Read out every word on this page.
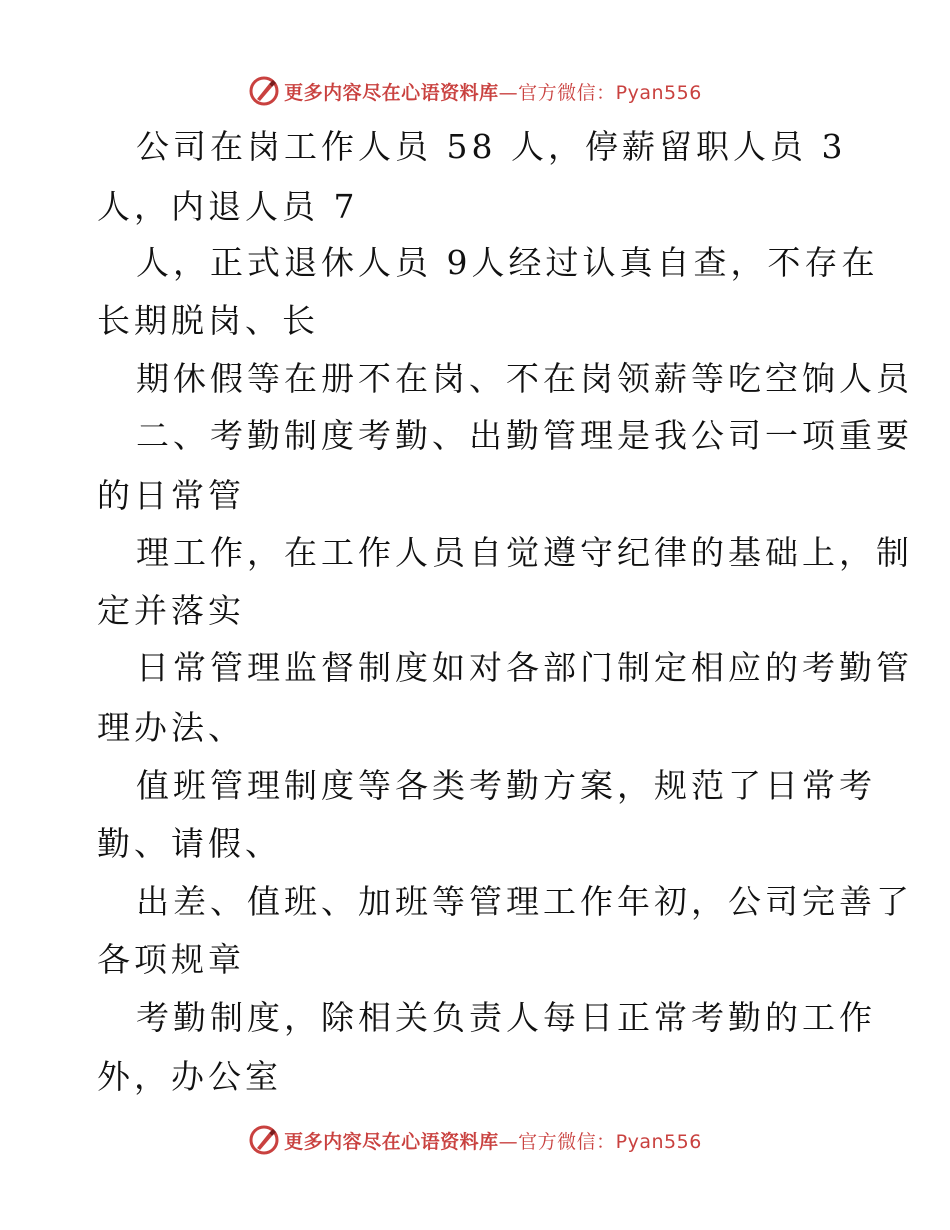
更多内容尽在心语资料库—官方微信：Pyan556
公司在岗工作人员 58 人，停薪留职人员 3
人，内退人员 7
人，正式退休人员 9人经过认真自查，不存在
长期脱岗、长
期休假等在册不在岗、不在岗领薪等吃空饷人员
二、考勤制度考勤、出勤管理是我公司一项重要
的日常管
理工作，在工作人员自觉遵守纪律的基础上，制
定并落实
日常管理监督制度如对各部门制定相应的考勤管
理办法、
值班管理制度等各类考勤方案，规范了日常考
勤、请假、
出差、值班、加班等管理工作年初，公司完善了
各项规章
考勤制度，除相关负责人每日正常考勤的工作
外，办公室
更多内容尽在心语资料库—官方微信：Pyan556
